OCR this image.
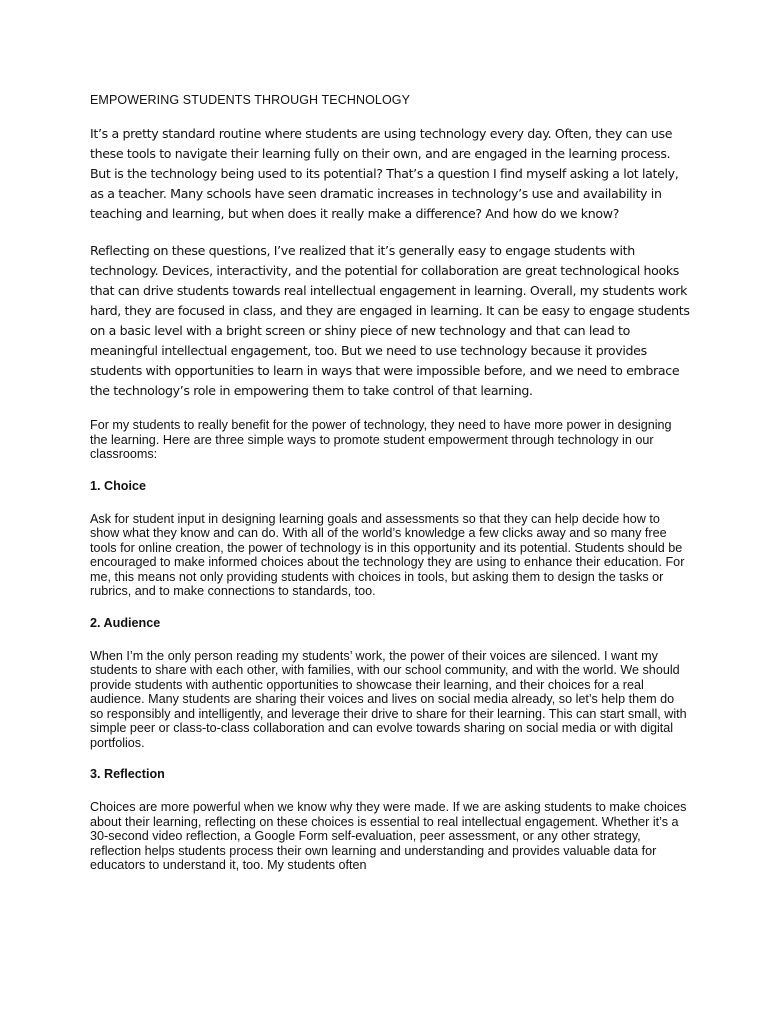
EMPOWERING STUDENTS THROUGH TECHNOLOGY

It’s a pretty standard routine where students are using technology every day. Often, they can use these tools to navigate their learning fully on their own, and are engaged in the learning process. But is the technology being used to its potential? That’s a question I find myself asking a lot lately, as a teacher. Many schools have seen dramatic increases in technology’s use and availability in teaching and learning, but when does it really make a difference? And how do we know?

Reflecting on these questions, I’ve realized that it’s generally easy to engage students with technology. Devices, interactivity, and the potential for collaboration are great technological hooks that can drive students towards real intellectual engagement in learning. Overall, my students work hard, they are focused in class, and they are engaged in learning. It can be easy to engage students on a basic level with a bright screen or shiny piece of new technology and that can lead to meaningful intellectual engagement, too. But we need to use technology because it provides students with opportunities to learn in ways that were impossible before, and we need to embrace the technology’s role in empowering them to take control of that learning.

For my students to really benefit for the power of technology, they need to have more power in designing the learning. Here are three simple ways to promote student empowerment through technology in our classrooms:

1. Choice

Ask for student input in designing learning goals and assessments so that they can help decide how to show what they know and can do. With all of the world’s knowledge a few clicks away and so many free tools for online creation, the power of technology is in this opportunity and its potential. Students should be encouraged to make informed choices about the technology they are using to enhance their education. For me, this means not only providing students with choices in tools, but asking them to design the tasks or rubrics, and to make connections to standards, too.

2. Audience

When I’m the only person reading my students’ work, the power of their voices are silenced. I want my students to share with each other, with families, with our school community, and with the world. We should provide students with authentic opportunities to showcase their learning, and their choices for a real audience. Many students are sharing their voices and lives on social media already, so let’s help them do so responsibly and intelligently, and leverage their drive to share for their learning. This can start small, with simple peer or class-to-class collaboration and can evolve towards sharing on social media or with digital portfolios.

3. Reflection

Choices are more powerful when we know why they were made. If we are asking students to make choices about their learning, reflecting on these choices is essential to real intellectual engagement. Whether it’s a 30-second video reflection, a Google Form self-evaluation, peer assessment, or any other strategy, reflection helps students process their own learning and understanding and provides valuable data for educators to understand it, too. My students often
